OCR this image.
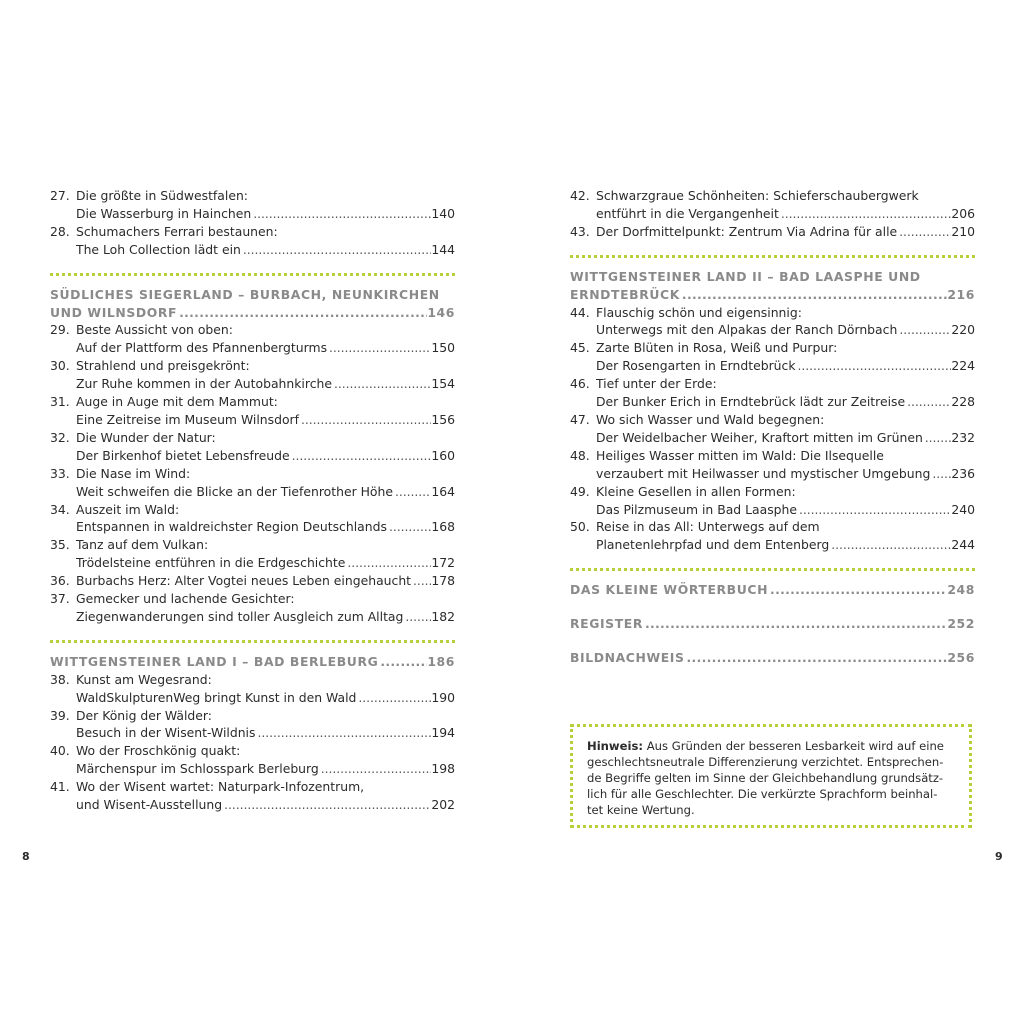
27. Die größte in Südwestfalen:
Die Wasserburg in Hainchen . . .	140
28. Schumachers Ferrari bestaunen:
The Loh Collection lädt ein . . .	144
SÜDLICHES SIEGERLAND – BURBACH, NEUNKIRCHEN
UND WILNSDORF . . .	146
29. Beste Aussicht von oben:
Auf der Plattform des Pfannenbergturms . . .	150
30. Strahlend und preisgekrönt:
Zur Ruhe kommen in der Autobahnkirche . . .	154
31. Auge in Auge mit dem Mammut:
Eine Zeitreise im Museum Wilnsdorf . . .	156
32. Die Wunder der Natur:
Der Birkenhof bietet Lebensfreude . . .	160
33. Die Nase im Wind:
Weit schweifen die Blicke an der Tiefenrother Höhe . . .	164
34. Auszeit im Wald:
Entspannen in waldreichster Region Deutschlands . . .	168
35. Tanz auf dem Vulkan:
Trödelsteine entführen in die Erdgeschichte . . .	172
36. Burbachs Herz: Alter Vogtei neues Leben eingehaucht . . . 178
37. Gemecker und lachende Gesichter:
Ziegenwanderungen sind toller Ausgleich zum Alltag . . . 182
WITTGENSTEINER LAND I – BAD BERLEBURG . . .	186
38. Kunst am Wegesrand:
WaldSkulpturenWeg bringt Kunst in den Wald . . .	190
39. Der König der Wälder:
Besuch in der Wisent-Wildnis . . .	194
40. Wo der Froschkönig quakt:
Märchenspur im Schlosspark Berleburg . . .	198
41. Wo der Wisent wartet: Naturpark-Infozentrum,
und Wisent-Ausstellung . . .	202
8
42. Schwarzgraue Schönheiten: Schieferschaubergwerk
entführt in die Vergangenheit . . .	206
43. Der Dorfmittelpunkt: Zentrum Via Adrina für alle . . .	210
WITTGENSTEINER LAND II – BAD LAASPHE UND
ERNDTEBRÜCK . . .	216
44. Flauschig schön und eigensinnig:
Unterwegs mit den Alpakas der Ranch Dörnbach . . .	220
45. Zarte Blüten in Rosa, Weiß und Purpur:
Der Rosengarten in Erndtebrück . . .	224
46. Tief unter der Erde:
Der Bunker Erich in Erndtebrück lädt zur Zeitreise . . .	228
47. Wo sich Wasser und Wald begegnen:
Der Weidelbacher Weiher, Kraftort mitten im Grünen . . . 232
48. Heiliges Wasser mitten im Wald: Die Ilsequelle
verzaubert mit Heilwasser und mystischer Umgebung . . . 236
49. Kleine Gesellen in allen Formen:
Das Pilzmuseum in Bad Laasphe . . .	240
50. Reise in das All: Unterwegs auf dem
Planetenlehrpfad und dem Entenberg . . .	244
DAS KLEINE WÖRTERBUCH . . .	248
REGISTER . . .	252
BILDNACHWEIS . . .	256
Hinweis: Aus Gründen der besseren Lesbarkeit wird auf eine
geschlechtsneutrale Differenzierung verzichtet. Entsprechen-
de Begriffe gelten im Sinne der Gleichbehandlung grundsätz-
lich für alle Geschlechter. Die verkürzte Sprachform beinhal-
tet keine Wertung.
9
